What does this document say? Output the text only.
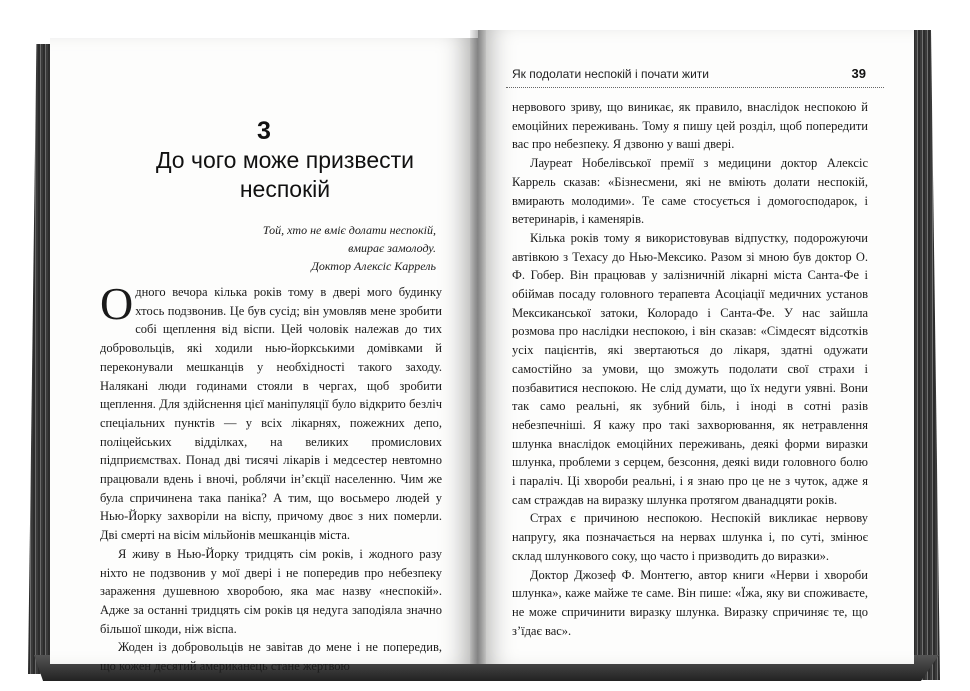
3
До чого може призвести неспокій
Той, хто не вміє долати неспокій,
вмирає замолоду.
Доктор Алексіс Каррель

Одного вечора кілька років тому в двері мого будинку хтось подзвонив. Це був сусід; він умовляв мене зробити собі щеплення від віспи. Цей чоловік належав до тих добровольців, які ходили нью-йоркськими домівками й переконували мешканців у необхідності такого заходу. Налякані люди годинами стояли в чергах, щоб зробити щеплення. Для здійснення цієї маніпуляції було відкрито безліч спеціальних пунктів — у всіх лікарнях, пожежних депо, поліцейських відділках, на великих промислових підприємствах. Понад дві тисячі лікарів і медсестер невтомно працювали вдень і вночі, роблячи ін’єкції населенню. Чим же була спричинена така паніка? А тим, що восьмеро людей у Нью-Йорку захворіли на віспу, причому двоє з них померли. Дві смерті на вісім мільйонів мешканців міста.

Я живу в Нью-Йорку тридцять сім років, і жодного разу ніхто не подзвонив у мої двері і не попередив про небезпеку зараження душевною хворобою, яка має назву «неспокій». Адже за останні тридцять сім років ця недуга заподіяла значно більшої шкоди, ніж віспа.

Жоден із добровольців не завітав до мене і не попередив, що кожен десятий американець стане жертвою

Як подолати неспокій і почати жити	39

нервового зриву, що виникає, як правило, внаслідок неспокою й емоційних переживань. Тому я пишу цей розділ, щоб попередити вас про небезпеку. Я дзвоню у ваші двері.

Лауреат Нобелівської премії з медицини доктор Алексіс Каррель сказав: «Бізнесмени, які не вміють долати неспокій, вмирають молодими». Те саме стосується і домогосподарок, і ветеринарів, і каменярів.

Кілька років тому я використовував відпустку, подорожуючи автівкою з Техасу до Нью-Мексико. Разом зі мною був доктор О. Ф. Гобер. Він працював у залізничній лікарні міста Санта-Фе і обіймав посаду головного терапевта Асоціації медичних установ Мексиканської затоки, Колорадо і Санта-Фе. У нас зайшла розмова про наслідки неспокою, і він сказав: «Сімдесят відсотків усіх пацієнтів, які звертаються до лікаря, здатні одужати самостійно за умови, що зможуть подолати свої страхи і позбавитися неспокою. Не слід думати, що їх недуги уявні. Вони так само реальні, як зубний біль, і іноді в сотні разів небезпечніші. Я кажу про такі захворювання, як нетравлення шлунка внаслідок емоційних переживань, деякі форми виразки шлунка, проблеми з серцем, безсоння, деякі види головного болю і параліч. Ці хвороби реальні, і я знаю про це не з чуток, адже я сам страждав на виразку шлунка протягом дванадцяти років.

Страх є причиною неспокою. Неспокій викликає нервову напругу, яка позначається на нервах шлунка і, по суті, змінює склад шлункового соку, що часто і призводить до виразки».

Доктор Джозеф Ф. Монтегю, автор книги «Нерви і хвороби шлунка», каже майже те саме. Він пише: «Їжа, яку ви споживаєте, не може спричинити виразку шлунка. Виразку спричиняє те, що з’їдає вас».
